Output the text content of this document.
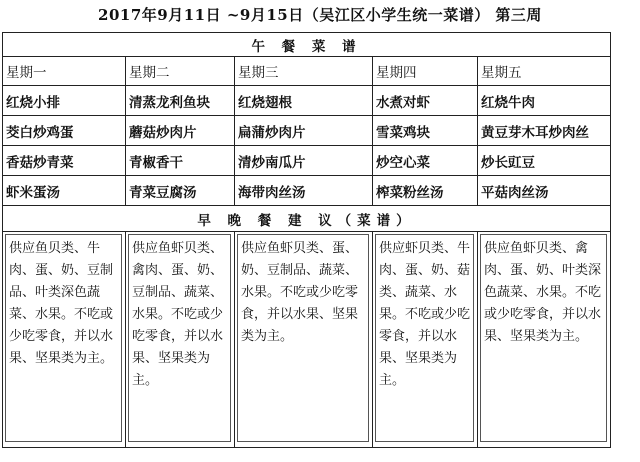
2017年9月11日 ~9月15日（吴江区小学生统一菜谱） 第三周
午 餐 菜 谱				
星期一	星期二	星期三	星期四	星期五
红烧小排	清蒸龙利鱼块	红烧翅根	水煮对虾	红烧牛肉
茭白炒鸡蛋	蘑菇炒肉片	扁蒲炒肉片	雪菜鸡块	黄豆芽木耳炒肉丝
香菇炒青菜	青椒香干	清炒南瓜片	炒空心菜	炒长豇豆
虾米蛋汤	青菜豆腐汤	海带肉丝汤	榨菜粉丝汤	平菇肉丝汤
早 晚 餐 建 议（菜谱）				

供应鱼贝类、牛肉、蛋、奶、豆制品、叶类深色蔬菜、水果。不吃或少吃零食，并以水果、坚果类为主。	供应鱼虾贝类、禽肉、蛋、奶、豆制品、蔬菜、水果。不吃或少吃零食，并以水果、坚果类为主。	供应鱼虾贝类、蛋、奶、豆制品、蔬菜、水果。不吃或少吃零食，并以水果、坚果类为主。	供应虾贝类、牛肉、蛋、奶、菇类、蔬菜、水果。不吃或少吃零食，并以水果、坚果类为主。	供应鱼虾贝类、禽肉、蛋、奶、叶类深色蔬菜、水果。不吃或少吃零食，并以水果、坚果类为主。
